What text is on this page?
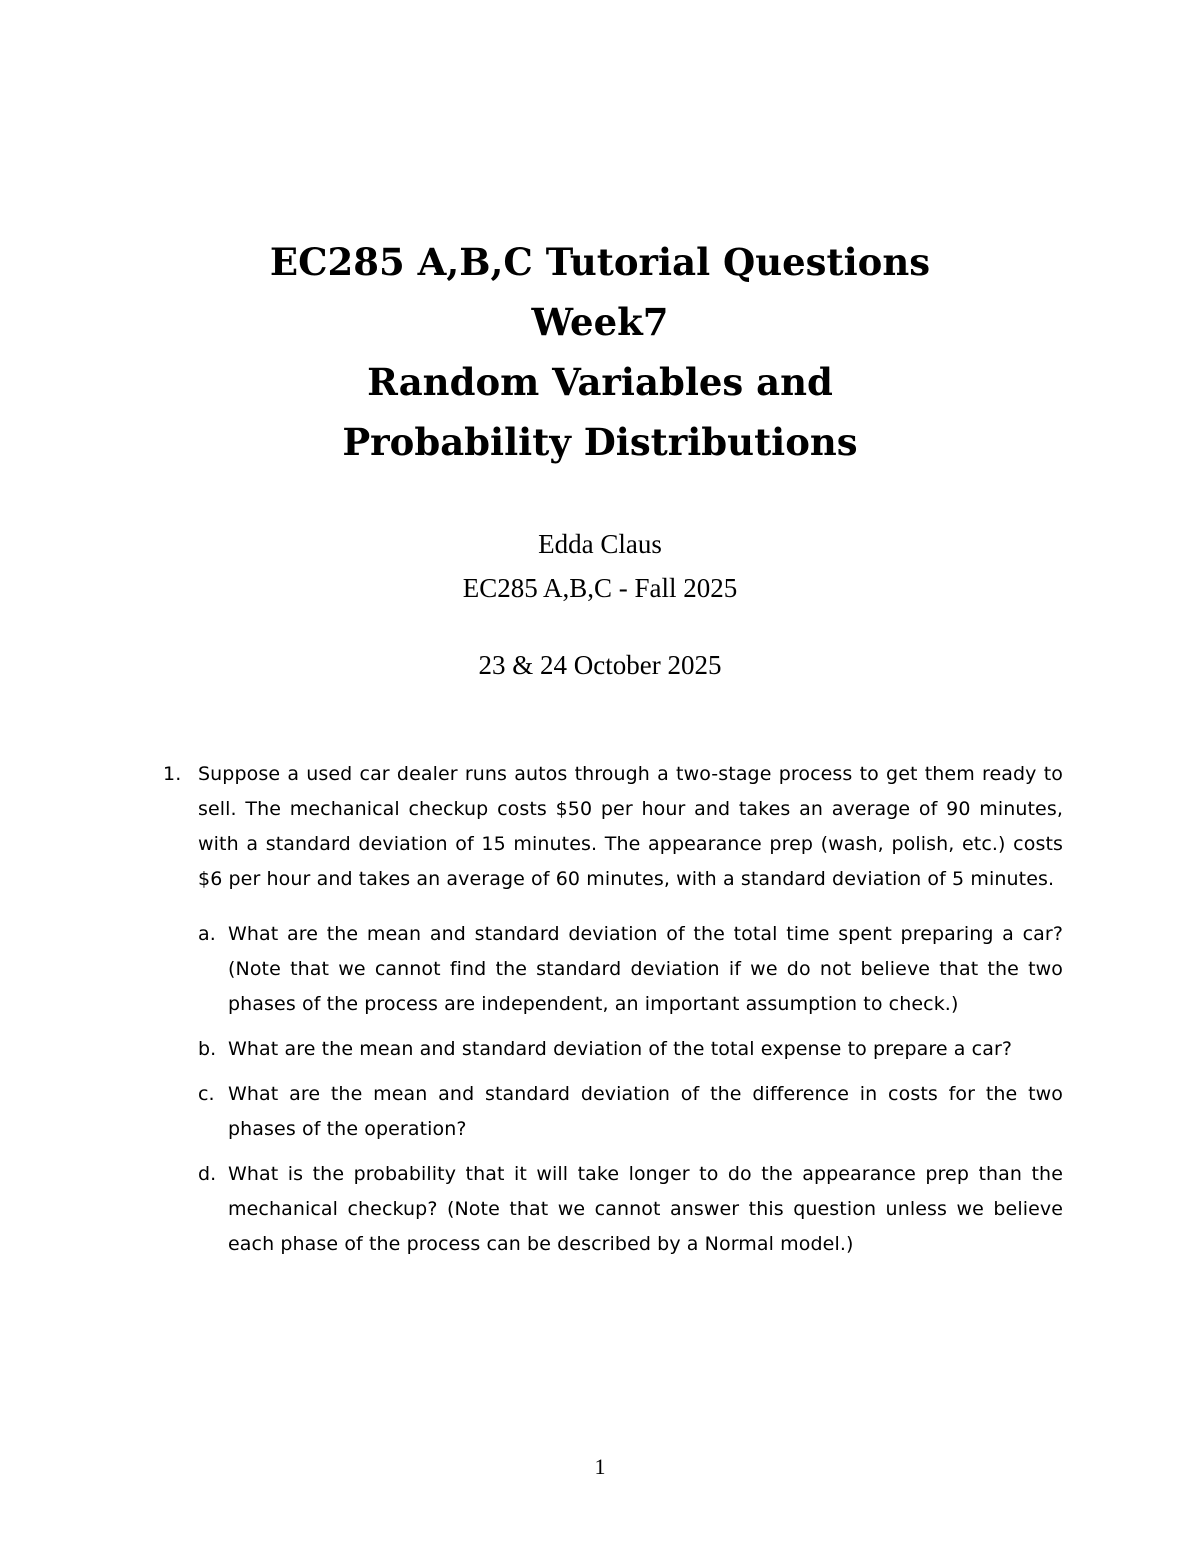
EC285 A,B,C Tutorial Questions
Week7
Random Variables and
Probability Distributions
Edda Claus
EC285 A,B,C - Fall 2025
23 & 24 October 2025
1. Suppose a used car dealer runs autos through a two-stage process to get them ready to sell. The mechanical checkup costs $50 per hour and takes an average of 90 minutes, with a standard deviation of 15 minutes. The appearance prep (wash, polish, etc.) costs $6 per hour and takes an average of 60 minutes, with a standard deviation of 5 minutes.
a. What are the mean and standard deviation of the total time spent preparing a car? (Note that we cannot find the standard deviation if we do not believe that the two phases of the process are independent, an important assumption to check.)
b. What are the mean and standard deviation of the total expense to prepare a car?
c. What are the mean and standard deviation of the difference in costs for the two phases of the operation?
d. What is the probability that it will take longer to do the appearance prep than the mechanical checkup? (Note that we cannot answer this question unless we believe each phase of the process can be described by a Normal model.)
1
